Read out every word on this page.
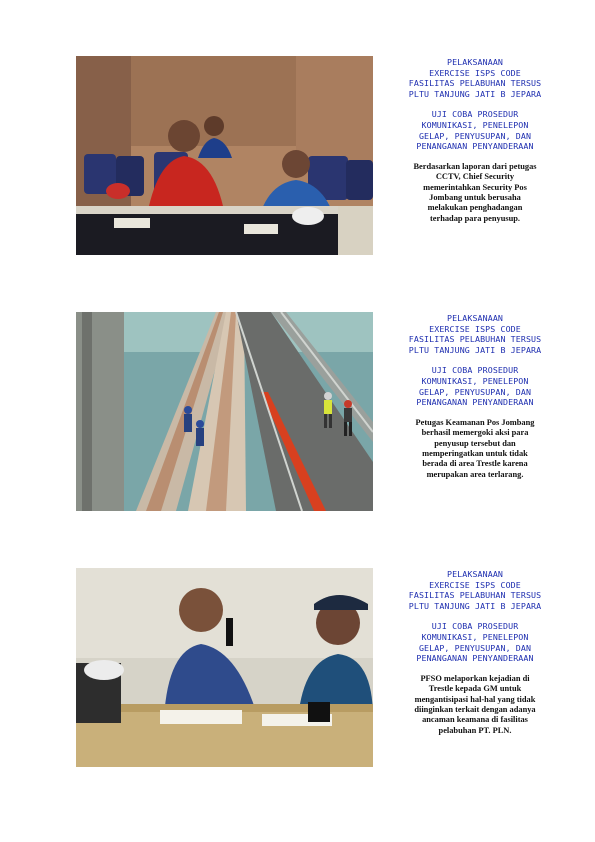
PELAKSANAAN
EXERCISE ISPS CODE
FASILITAS PELABUHAN TERSUS
PLTU TANJUNG JATI B JEPARA
UJI COBA PROSEDUR
KOMUNIKASI, PENELEPON
GELAP, PENYUSUPAN, DAN
PENANGANAN PENYANDERAAN
Berdasarkan laporan dari petugas
CCTV, Chief Security
memerintahkan Security Pos
Jombang untuk berusaha
melakukan penghadangan
terhadap para penyusup.
PELAKSANAAN
EXERCISE ISPS CODE
FASILITAS PELABUHAN TERSUS
PLTU TANJUNG JATI B JEPARA
UJI COBA PROSEDUR
KOMUNIKASI, PENELEPON
GELAP, PENYUSUPAN, DAN
PENANGANAN PENYANDERAAN
Petugas Keamanan Pos Jombang
berhasil memergoki aksi para
penyusup tersebut dan
memperingatkan untuk tidak
berada di area Trestle karena
merupakan area terlarang.
PELAKSANAAN
EXERCISE ISPS CODE
FASILITAS PELABUHAN TERSUS
PLTU TANJUNG JATI B JEPARA
UJI COBA PROSEDUR
KOMUNIKASI, PENELEPON
GELAP, PENYUSUPAN, DAN
PENANGANAN PENYANDERAAN
PFSO melaporkan kejadian di
Trestle kepada GM untuk
mengantisipasi hal-hal yang tidak
diinginkan terkait dengan adanya
ancaman keamana di fasilitas
pelabuhan PT. PLN.
